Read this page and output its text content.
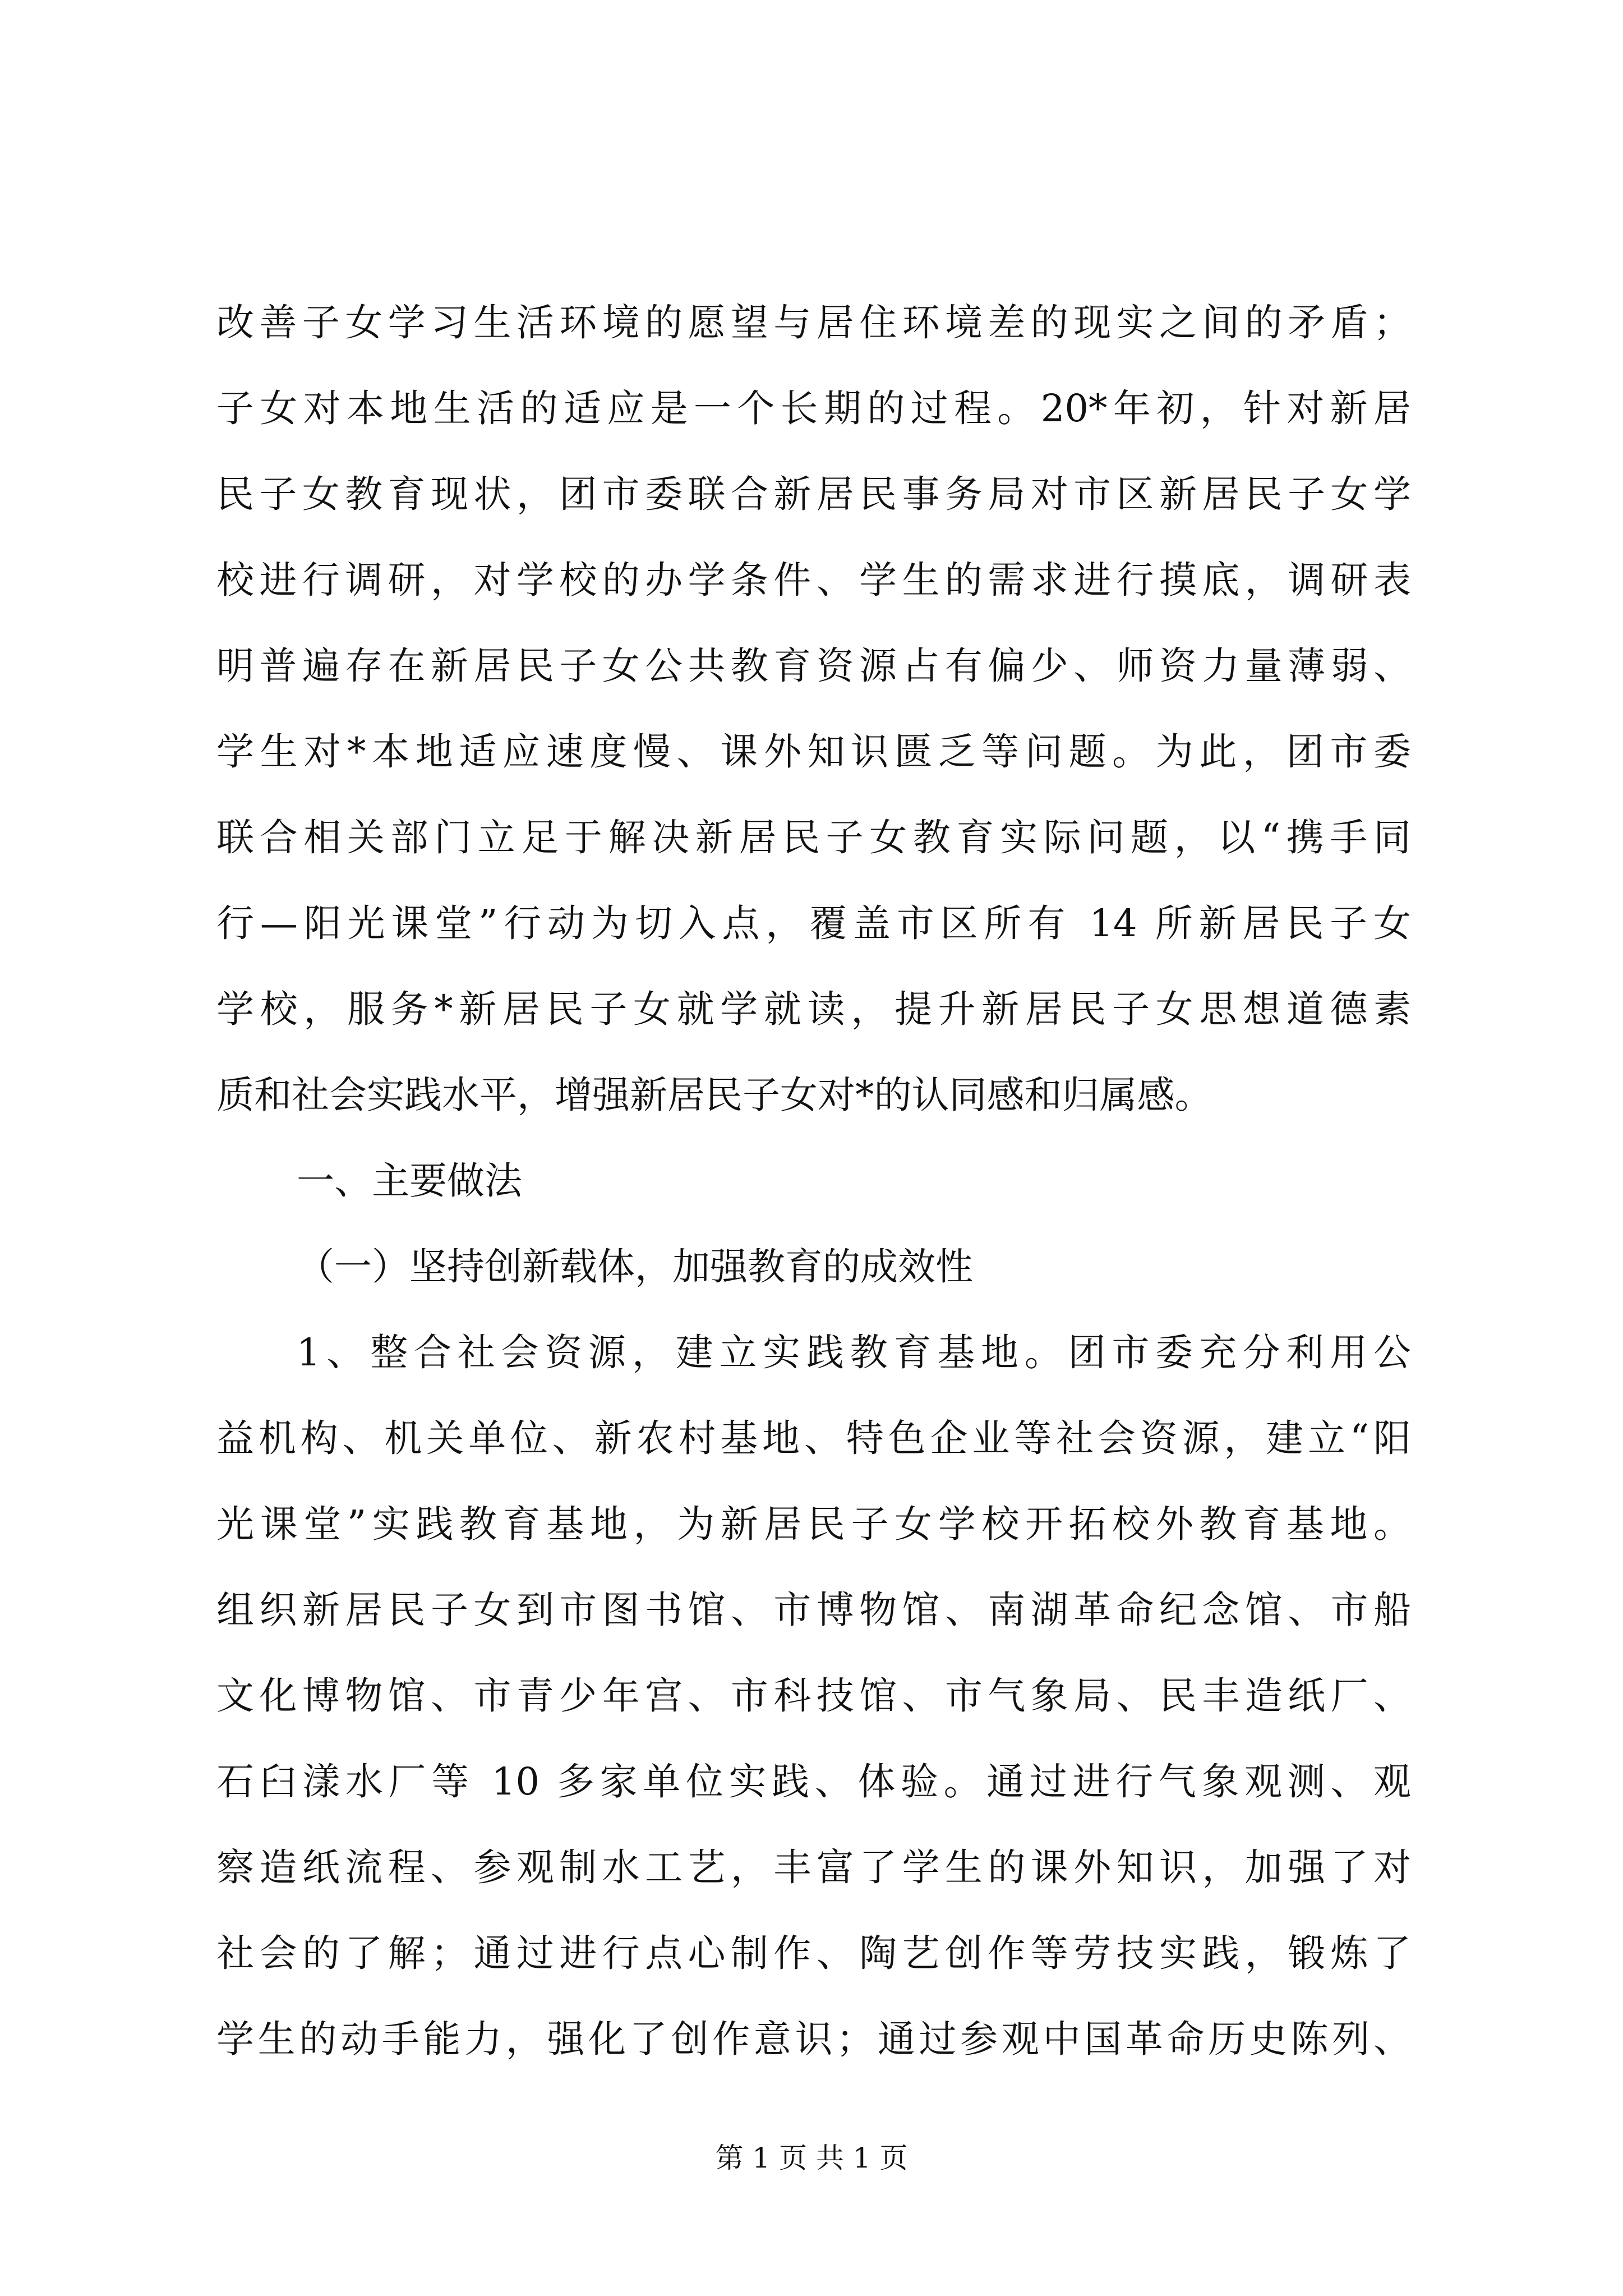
改善子女学习生活环境的愿望与居住环境差的现实之间的矛盾；
子女对本地生活的适应是一个长期的过程。20*年初，针对新居
民子女教育现状，团市委联合新居民事务局对市区新居民子女学
校进行调研，对学校的办学条件、学生的需求进行摸底，调研表
明普遍存在新居民子女公共教育资源占有偏少、师资力量薄弱、
学生对*本地适应速度慢、课外知识匮乏等问题。为此，团市委
联合相关部门立足于解决新居民子女教育实际问题，以“携手同
行—阳光课堂”行动为切入点，覆盖市区所有 14 所新居民子女
学校，服务*新居民子女就学就读，提升新居民子女思想道德素
质和社会实践水平，增强新居民子女对*的认同感和归属感。
一、主要做法
（一）坚持创新载体，加强教育的成效性
1、整合社会资源，建立实践教育基地。团市委充分利用公
益机构、机关单位、新农村基地、特色企业等社会资源，建立“阳
光课堂”实践教育基地，为新居民子女学校开拓校外教育基地。
组织新居民子女到市图书馆、市博物馆、南湖革命纪念馆、市船
文化博物馆、市青少年宫、市科技馆、市气象局、民丰造纸厂、
石臼漾水厂等 10 多家单位实践、体验。通过进行气象观测、观
察造纸流程、参观制水工艺，丰富了学生的课外知识，加强了对
社会的了解；通过进行点心制作、陶艺创作等劳技实践，锻炼了
学生的动手能力，强化了创作意识；通过参观中国革命历史陈列、
第 1 页 共 1 页
